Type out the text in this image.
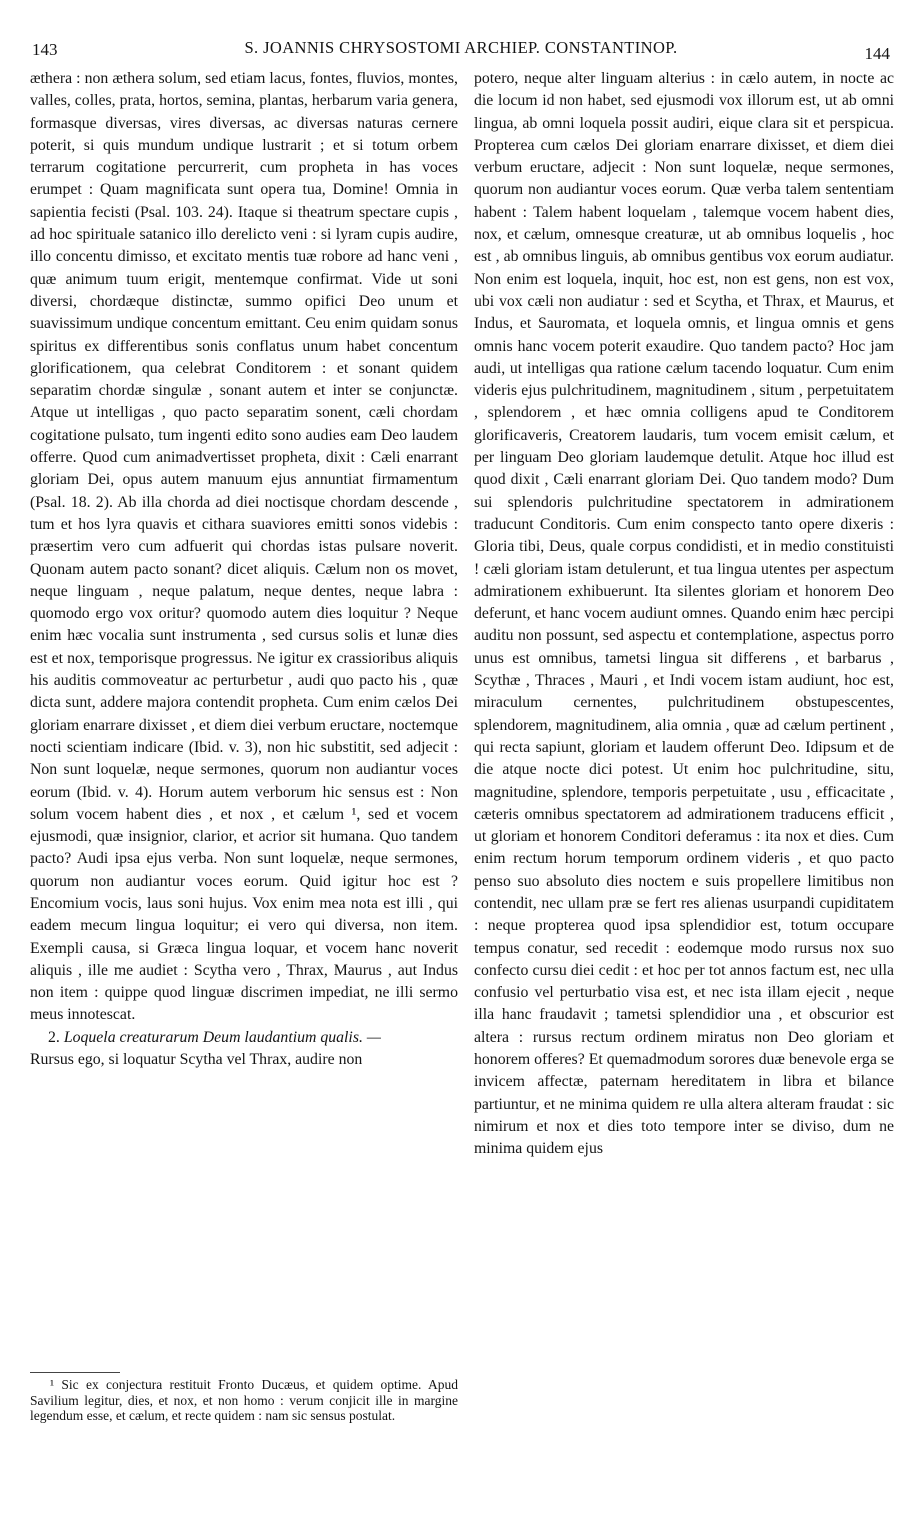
143	S. JOANNIS CHRYSOSTOMI ARCHIEP. CONSTANTINOP.	144

æthera : non æthera solum, sed etiam lacus, fontes, fluvios, montes, valles, colles, prata, hortos, semina, plantas, herbarum varia genera, formasque diversas, vires diversas, ac diversas naturas cernere poterit, si quis mundum undique lustrarit ; et si totum orbem terrarum cogitatione percurrerit, cum propheta in has voces erumpet : Quam magnificata sunt opera tua, Domine! Omnia in sapientia fecisti (Psal. 103. 24). Itaque si theatrum spectare cupis , ad hoc spirituale satanico illo derelicto veni : si lyram cupis audire, illo concentu dimisso, et excitato mentis tuæ robore ad hanc veni , quæ animum tuum erigit, mentemque confirmat. Vide ut soni diversi, chordæque distinctæ, summo opifici Deo unum et suavissimum undique concentum emittant. Ceu enim quidam sonus spiritus ex differentibus sonis conflatus unum habet concentum glorificationem, qua celebrat Conditorem : et sonant quidem separatim chordæ singulæ , sonant autem et inter se conjunctæ. Atque ut intelligas , quo pacto separatim sonent, cæli chordam cogitatione pulsato, tum ingenti edito sono audies eam Deo laudem offerre. Quod cum animadvertisset propheta, dixit : Cæli enarrant gloriam Dei, opus autem manuum ejus annuntiat firmamentum (Psal. 18. 2). Ab illa chorda ad diei noctisque chordam descende , tum et hos lyra quavis et cithara suaviores emitti sonos videbis : præsertim vero cum adfuerit qui chordas istas pulsare noverit. Quonam autem pacto sonant? dicet aliquis. Cælum non os movet, neque linguam , neque palatum, neque dentes, neque labra : quomodo ergo vox oritur? quomodo autem dies loquitur ? Neque enim hæc vocalia sunt instrumenta , sed cursus solis et lunæ dies est et nox, temporisque progressus. Ne igitur ex crassioribus aliquis his auditis commoveatur ac perturbetur , audi quo pacto his , quæ dicta sunt, addere majora contendit propheta. Cum enim cælos Dei gloriam enarrare dixisset , et diem diei verbum eructare, noctemque nocti scientiam indicare (Ibid. v. 3), non hic substitit, sed adjecit : Non sunt loquelæ, neque sermones, quorum non audiantur voces eorum (Ibid. v. 4). Horum autem verborum hic sensus est : Non solum vocem habent dies , et nox , et cælum ¹, sed et vocem ejusmodi, quæ insignior, clarior, et acrior sit humana. Quo tandem pacto? Audi ipsa ejus verba. Non sunt loquelæ, neque sermones, quorum non audiantur voces eorum. Quid igitur hoc est ? Encomium vocis, laus soni hujus. Vox enim mea nota est illi , qui eadem mecum lingua loquitur; ei vero qui diversa, non item. Exempli causa, si Græca lingua loquar, et vocem hanc noverit aliquis , ille me audiet : Scytha vero , Thrax, Maurus , aut Indus non item : quippe quod linguæ discrimen impediat, ne illi sermo meus innotescat.

2. Loquela creaturarum Deum laudantium qualis. —

Rursus ego, si loquatur Scytha vel Thrax, audire non

¹ Sic ex conjectura restituit Fronto Ducæus, et quidem optime. Apud Savilium legitur, dies, et nox, et non homo : verum conjicit ille in margine legendum esse, et cælum, et recte quidem : nam sic sensus postulat.

potero, neque alter linguam alterius : in cælo autem, in nocte ac die locum id non habet, sed ejusmodi vox illorum est, ut ab omni lingua, ab omni loquela possit audiri, eique clara sit et perspicua. Propterea cum cælos Dei gloriam enarrare dixisset, et diem diei verbum eructare, adjecit : Non sunt loquelæ, neque sermones, quorum non audiantur voces eorum. Quæ verba talem sententiam habent : Talem habent loquelam , talemque vocem habent dies, nox, et cælum, omnesque creaturæ, ut ab omnibus loquelis , hoc est , ab omnibus linguis, ab omnibus gentibus vox eorum audiatur. Non enim est loquela, inquit, hoc est, non est gens, non est vox, ubi vox cæli non audiatur : sed et Scytha, et Thrax, et Maurus, et Indus, et Sauromata, et loquela omnis, et lingua omnis et gens omnis hanc vocem poterit exaudire. Quo tandem pacto? Hoc jam audi, ut intelligas qua ratione cælum tacendo loquatur. Cum enim videris ejus pulchritudinem, magnitudinem , situm , perpetuitatem , splendorem , et hæc omnia colligens apud te Conditorem glorificaveris, Creatorem laudaris, tum vocem emisit cælum, et per linguam Deo gloriam laudemque detulit. Atque hoc illud est quod dixit , Cæli enarrant gloriam Dei. Quo tandem modo? Dum sui splendoris pulchritudine spectatorem in admirationem traducunt Conditoris. Cum enim conspecto tanto opere dixeris : Gloria tibi, Deus, quale corpus condidisti, et in medio constituisti ! cæli gloriam istam detulerunt, et tua lingua utentes per aspectum admirationem exhibuerunt. Ita silentes gloriam et honorem Deo deferunt, et hanc vocem audiunt omnes. Quando enim hæc percipi auditu non possunt, sed aspectu et contemplatione, aspectus porro unus est omnibus, tametsi lingua sit differens , et barbarus , Scythæ , Thraces , Mauri , et Indi vocem istam audiunt, hoc est, miraculum cernentes, pulchritudinem obstupescentes, splendorem, magnitudinem, alia omnia , quæ ad cælum pertinent , qui recta sapiunt, gloriam et laudem offerunt Deo. Idipsum et de die atque nocte dici potest. Ut enim hoc pulchritudine, situ, magnitudine, splendore, temporis perpetuitate , usu , efficacitate , cæteris omnibus spectatorem ad admirationem traducens efficit , ut gloriam et honorem Conditori deferamus : ita nox et dies. Cum enim rectum horum temporum ordinem videris , et quo pacto penso suo absoluto dies noctem e suis propellere limitibus non contendit, nec ullam præ se fert res alienas usurpandi cupiditatem : neque propterea quod ipsa splendidior est, totum occupare tempus conatur, sed recedit : eodemque modo rursus nox suo confecto cursu diei cedit : et hoc per tot annos factum est, nec ulla confusio vel perturbatio visa est, et nec ista illam ejecit , neque illa hanc fraudavit ; tametsi splendidior una , et obscurior est altera : rursus rectum ordinem miratus non Deo gloriam et honorem offeres? Et quemadmodum sorores duæ benevole erga se invicem affectæ, paternam hereditatem in libra et bilance partiuntur, et ne minima quidem re ulla altera alteram fraudat : sic nimirum et nox et dies toto tempore inter se diviso, dum ne minima quidem ejus
